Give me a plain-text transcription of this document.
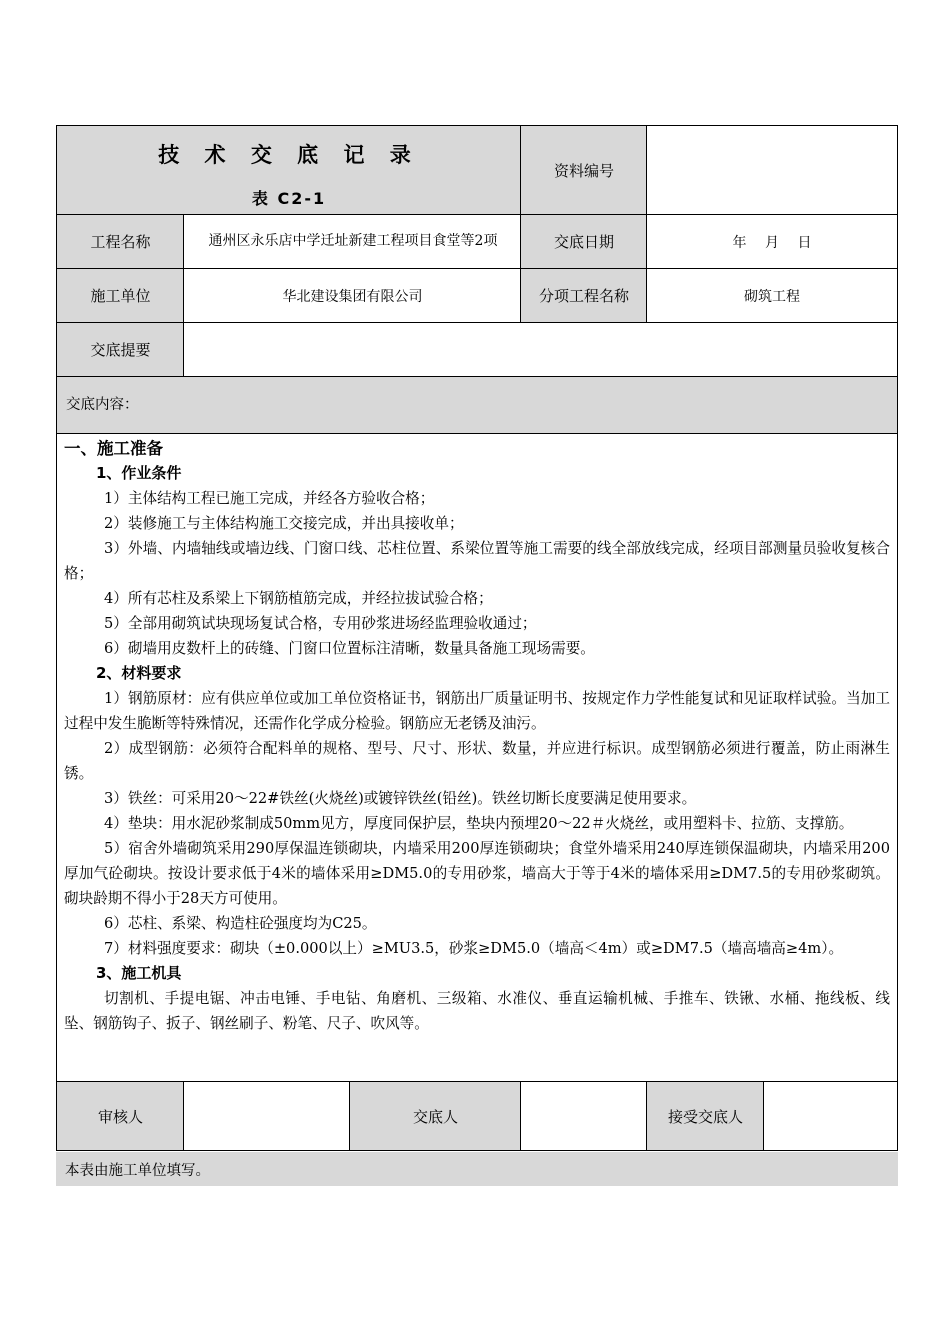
技 术 交 底 记 录
表 C2-1
资料编号
工程名称	通州区永乐店中学迁址新建工程项目食堂等2项	交底日期	年　 月　 日
施工单位	华北建设集团有限公司	分项工程名称	砌筑工程
交底提要
交底内容：
一、施工准备
1、作业条件
1）主体结构工程已施工完成，并经各方验收合格；
2）装修施工与主体结构施工交接完成，并出具接收单；
3）外墙、内墙轴线或墙边线、门窗口线、芯柱位置、系梁位置等施工需要的线全部放线完成，经项目部测量员验收复核合格；
4）所有芯柱及系梁上下钢筋植筋完成，并经拉拔试验合格；
5）全部用砌筑试块现场复试合格，专用砂浆进场经监理验收通过；
6）砌墙用皮数杆上的砖缝、门窗口位置标注清晰，数量具备施工现场需要。
2、材料要求
1）钢筋原材：应有供应单位或加工单位资格证书，钢筋出厂质量证明书、按规定作力学性能复试和见证取样试验。当加工过程中发生脆断等特殊情况，还需作化学成分检验。钢筋应无老锈及油污。
2）成型钢筋：必须符合配料单的规格、型号、尺寸、形状、数量，并应进行标识。成型钢筋必须进行覆盖，防止雨淋生锈。
3）铁丝：可采用20～22#铁丝(火烧丝)或镀锌铁丝(铅丝)。铁丝切断长度要满足使用要求。
4）垫块：用水泥砂浆制成50mm见方，厚度同保护层，垫块内预埋20～22＃火烧丝，或用塑料卡、拉筋、支撑筋。
5）宿舍外墙砌筑采用290厚保温连锁砌块，内墙采用200厚连锁砌块；食堂外墙采用240厚连锁保温砌块，内墙采用200厚加气砼砌块。按设计要求低于4米的墙体采用≥DM5.0的专用砂浆，墙高大于等于4米的墙体采用≥DM7.5的专用砂浆砌筑。砌块龄期不得小于28天方可使用。
6）芯柱、系梁、构造柱砼强度均为C25。
7）材料强度要求：砌块（±0.000以上）≥MU3.5，砂浆≥DM5.0（墙高＜4m）或≥DM7.5（墙高墙高≥4m）。
3、施工机具
切割机、手提电锯、冲击电锤、手电钻、角磨机、三级箱、水准仪、垂直运输机械、手推车、铁锹、水桶、拖线板、线坠、钢筋钩子、扳子、钢丝刷子、粉笔、尺子、吹风等。
审核人	交底人	接受交底人
本表由施工单位填写。
